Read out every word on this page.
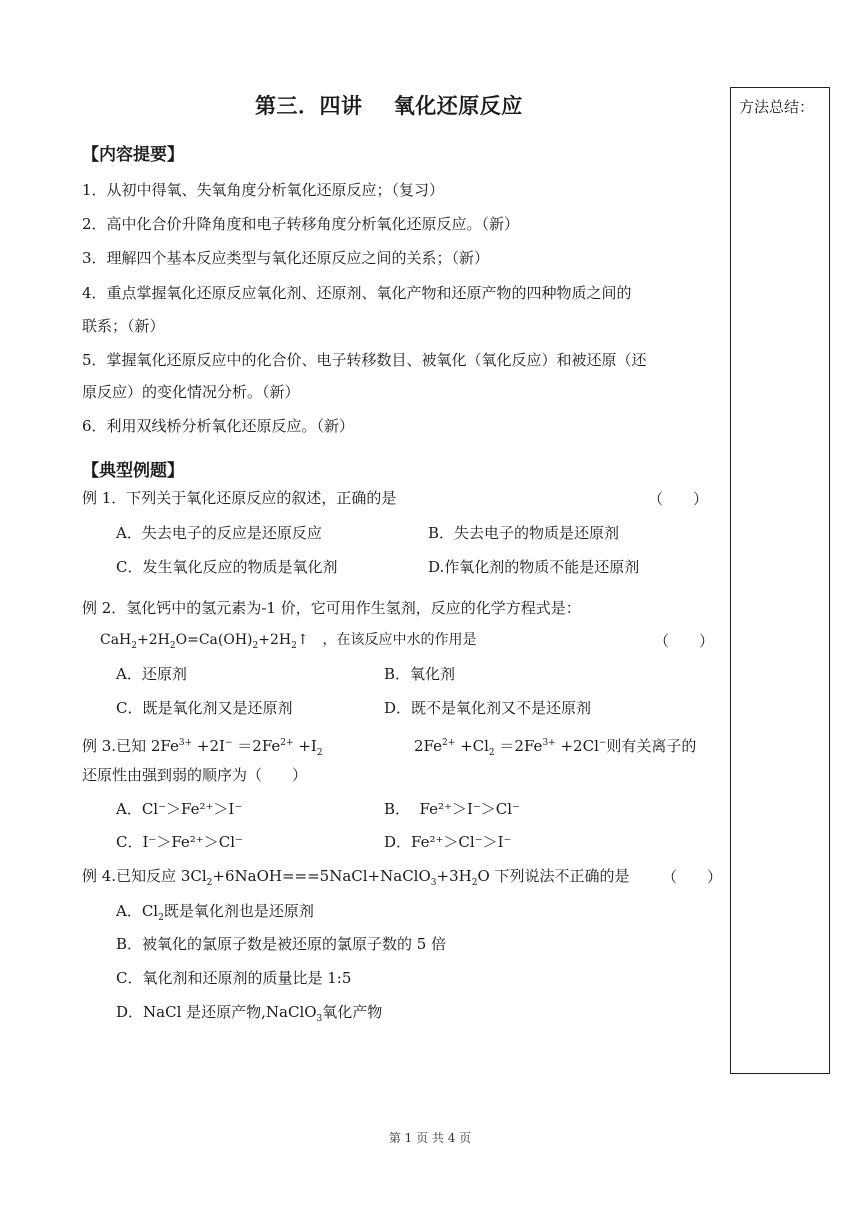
第三．四讲    氧化还原反应	方法总结：
【内容提要】
1．从初中得氧、失氧角度分析氧化还原反应；（复习）
2．高中化合价升降角度和电子转移角度分析氧化还原反应。（新）
3．理解四个基本反应类型与氧化还原反应之间的关系；（新）
4．重点掌握氧化还原反应氧化剂、还原剂、氧化产物和还原产物的四种物质之间的
联系；（新）
5．掌握氧化还原反应中的化合价、电子转移数目、被氧化（氧化反应）和被还原（还
原反应）的变化情况分析。（新）
6．利用双线桥分析氧化还原反应。（新）
【典型例题】
例 1．下列关于氧化还原反应的叙述，正确的是	（　　）
A．失去电子的反应是还原反应	B．失去电子的物质是还原剂
C．发生氧化反应的物质是氧化剂	D.作氧化剂的物质不能是还原剂
例 2．氢化钙中的氢元素为-1 价，它可用作生氢剂，反应的化学方程式是：
$CaH_2+2H_2O=Ca(OH)_2+2H_2↑$　，在该反应中水的作用是	（　　）
A．还原剂	B．氧化剂
C．既是氧化剂又是还原剂	D．既不是氧化剂又不是还原剂
例 3.已知 $2Fe^{3+} +2I^- =2Fe^{2+} +I_2$	$2Fe^{2+} +Cl_2 =2Fe^{3+} +2Cl^-$则有关离子的
还原性由强到弱的顺序为（　　）
A．Cl⁻＞Fe²⁺＞I⁻	B．  Fe²⁺＞I⁻＞Cl⁻
C．I⁻＞Fe²⁺＞Cl⁻	D．Fe²⁺＞Cl⁻＞I⁻
例 4.已知反应 $3Cl_2+6NaOH===5NaCl+NaClO_3+3H_2O$ 下列说法不正确的是 （　　）
A．$Cl_2$既是氧化剂也是还原剂
B．被氧化的氯原子数是被还原的氯原子数的 5 倍
C．氧化剂和还原剂的质量比是 1:5
D．NaCl 是还原产物,NaClO$_3$氧化产物
第 1 页 共 4 页
